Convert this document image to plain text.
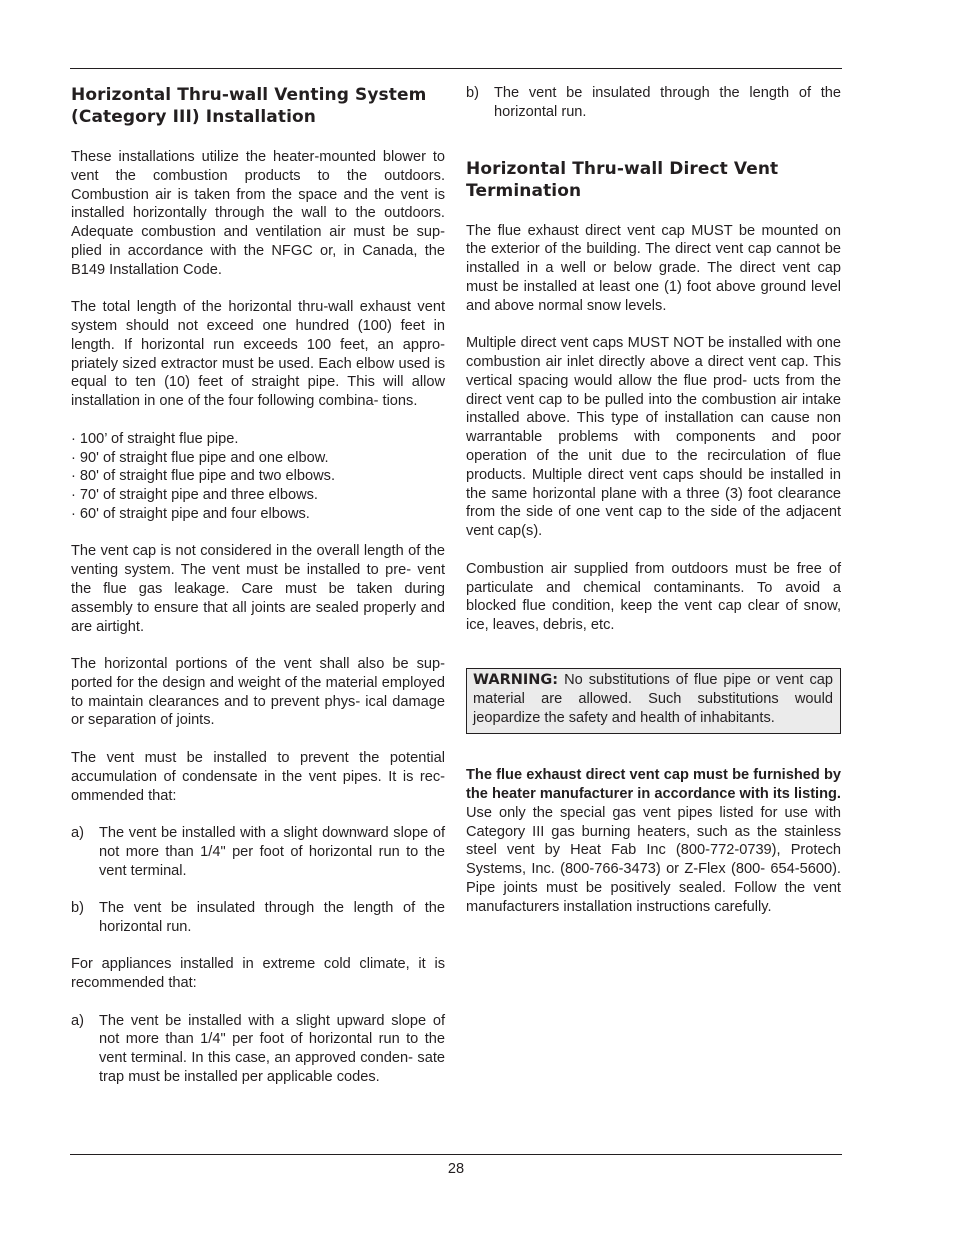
Horizontal Thru-wall Venting System (Category III) Installation

These installations utilize the heater-mounted blower to vent the combustion products to the outdoors. Combustion air is taken from the space and the vent is installed horizontally through the wall to the outdoors. Adequate combustion and ventilation air must be sup- plied in accordance with the NFGC or, in Canada, the B149 Installation Code.

The total length of the horizontal thru-wall exhaust vent system should not exceed one hundred (100) feet in length. If horizontal run exceeds 100 feet, an appro- priately sized extractor must be used. Each elbow used is equal to ten (10) feet of straight pipe. This will allow installation in one of the four following combina- tions.

· 100’ of straight flue pipe.
· 90' of straight flue pipe and one elbow.
· 80' of straight flue pipe and two elbows.
· 70' of straight pipe and three elbows.
· 60' of straight pipe and four elbows.

The vent cap is not considered in the overall length of the venting system. The vent must be installed to pre- vent the flue gas leakage. Care must be taken during assembly to ensure that all joints are sealed properly and are airtight.

The horizontal portions of the vent shall also be sup- ported for the design and weight of the material employed to maintain clearances and to prevent phys- ical damage or separation of joints.

The vent must be installed to prevent the potential accumulation of condensate in the vent pipes. It is rec- ommended that:

a)	The vent be installed with a slight downward slope of not more than 1/4" per foot of horizontal run to the vent terminal.
b)	The vent be insulated through the length of the horizontal run.

For appliances installed in extreme cold climate, it is recommended that:

a)	The vent be installed with a slight upward slope of not more than 1/4" per foot of horizontal run to the vent terminal. In this case, an approved conden- sate trap must be installed per applicable codes.
b)	The vent be insulated through the length of the horizontal run.
Horizontal Thru-wall Direct Vent Termination

The flue exhaust direct vent cap MUST be mounted on the exterior of the building. The direct vent cap cannot be installed in a well or below grade. The direct vent cap must be installed at least one (1) foot above ground level and above normal snow levels.

Multiple direct vent caps MUST NOT be installed with one combustion air inlet directly above a direct vent cap. This vertical spacing would allow the flue prod- ucts from the direct vent cap to be pulled into the combustion air intake installed above. This type of installation can cause non warrantable problems with components and poor operation of the unit due to the recirculation of flue products. Multiple direct vent caps should be installed in the same horizontal plane with a three (3) foot clearance from the side of one vent cap to the side of the adjacent vent cap(s).

Combustion air supplied from outdoors must be free of particulate and chemical contaminants. To avoid a blocked flue condition, keep the vent cap clear of snow, ice, leaves, debris, etc.

WARNING: No substitutions of flue pipe or vent cap material are allowed. Such substitutions would jeopardize the safety and health of inhabitants.

The flue exhaust direct vent cap must be furnished by the heater manufacturer in accordance with its listing. Use only the special gas vent pipes listed for use with Category III gas burning heaters, such as the stainless steel vent by Heat Fab Inc (800-772-0739), Protech Systems, Inc. (800-766-3473) or Z-Flex (800- 654-5600). Pipe joints must be positively sealed. Follow the vent manufacturers installation instructions carefully.

28
